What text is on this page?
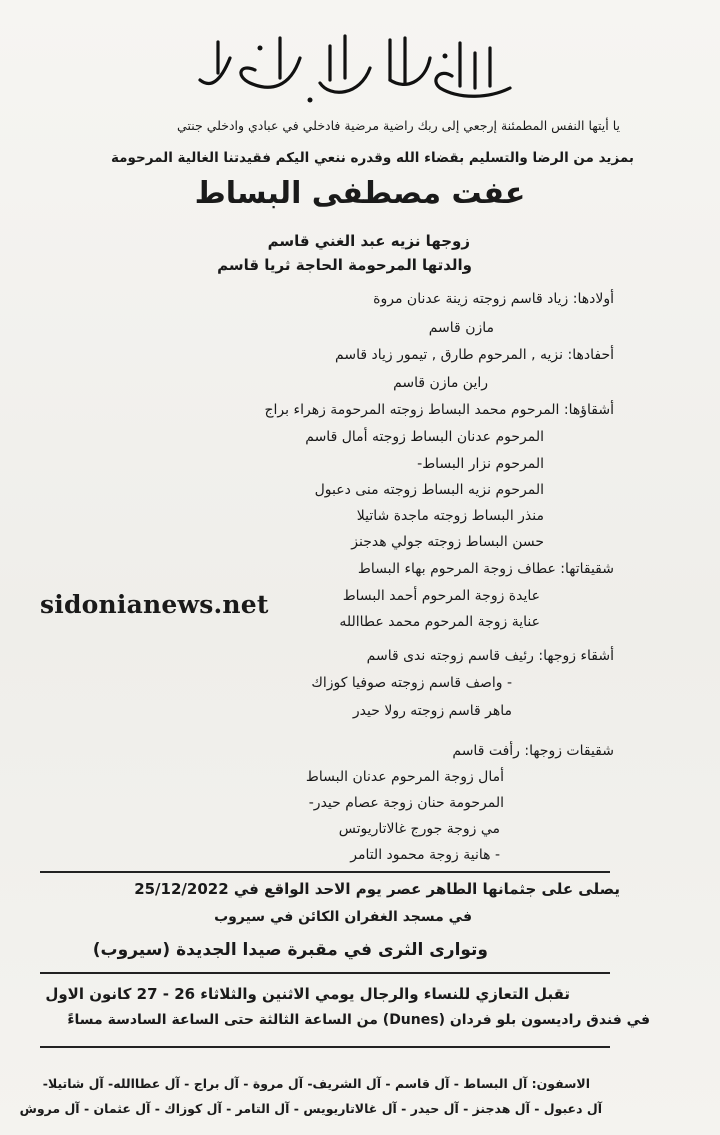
يا أيتها النفس المطمئنة إرجعي إلى ربك راضية مرضية فادخلي في عبادي وادخلي جنتي
بمزيد من الرضا والتسليم بقضاء الله وقدره ننعي اليكم فقيدتنا الغالية المرحومة
عفت مصطفى البساط
زوجها نزيه عبد الغني قاسم
والدتها المرحومة الحاجة ثريا قاسم
أولادها: زياد قاسم زوجته زينة عدنان مروة
مازن قاسم
أحفادها: نزيه , المرحوم طارق , تيمور زياد قاسم
راين مازن قاسم
أشقاؤها: المرحوم محمد البساط زوجته المرحومة زهراء براج
المرحوم عدنان البساط زوجته أمال قاسم
المرحوم نزار البساط-
المرحوم نزيه البساط زوجته منى دعبول
منذر البساط زوجته ماجدة شاتيلا
حسن البساط زوجته جولي هدجنز
شقيقاتها: عطاف زوجة المرحوم بهاء البساط
عايدة زوجة المرحوم أحمد البساط
عناية زوجة المرحوم محمد عطاالله
أشقاء زوجها: رئيف قاسم زوجته ندى قاسم
- واصف قاسم زوجته صوفيا كوزاك
ماهر قاسم زوجته رولا حيدر
شقيقات زوجها: رأفت قاسم
أمال زوجة المرحوم عدنان البساط
المرحومة حنان زوجة عصام حيدر-
مي زوجة جورج غالاتاريوتس
- هانية زوجة محمود التامر
sidonianews.net
يصلى على جثمانها الطاهر عصر يوم الاحد الواقع في 25/12/2022
في مسجد الغفران الكائن في سيروب
وتوارى الثرى في مقبرة صيدا الجديدة (سيروب)
تقبل التعازي للنساء والرجال يومي الاثنين والثلاثاء 26 - 27 كانون الاول
في فندق راديسون بلو فردان (Dunes) من الساعة الثالثة حتى الساعة السادسة مساءً
الاسفون: آل البساط - آل قاسم - آل الشريف- آل مروة - آل براج - آل عطاالله- آل شاتيلا-
آل دعبول - آل هدجنز - آل حيدر - آل غالاتاريويس - آل التامر - آل كوزاك - آل عثمان - آل مروش
